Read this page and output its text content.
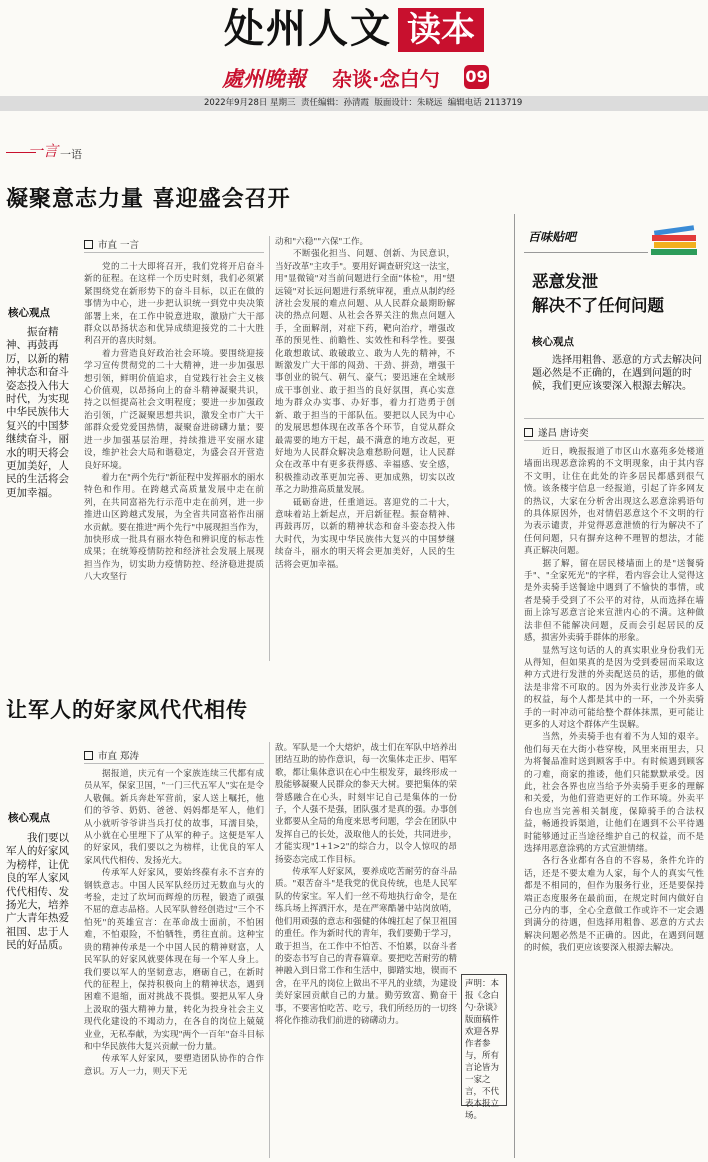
处州人文 读本
處州晚報 杂谈·念白勺 09
2022年9月28日 星期三  责任编辑：孙清霞  版面设计：朱晓远  编辑电话 2113719
一言 一语
凝聚意志力量 喜迎盛会召开
市直 一言
核心观点
振奋精神、再鼓再厉，以新的精神状态和奋斗姿态投入伟大时代，为实现中华民族伟大复兴的中国梦继续奋斗，丽水的明天将会更加美好，人民的生活将会更加幸福。
　　党的二十大即将召开，我们党将开启奋斗新的征程。在这样一个历史时刻，我们必须紧紧围绕党在新形势下的奋斗目标，以正在做的事情为中心，进一步把认识统一到党中央决策部署上来，在工作中锐意进取，激励广大干部群众以昂扬状态和优异成绩迎接党的二十大胜利召开的喜庆时刻。
　　着力营造良好政治社会环境。要围绕迎接学习宣传贯彻党的二十大精神，进一步加强思想引领，鲜明价值追求，自觉践行社会主义核心价值观，以昂扬向上的奋斗精神凝聚共识，持之以恒提高社会文明程度；要进一步加强政治引领，广泛凝聚思想共识，激发全市广大干部群众爱党爱国热情，凝聚奋进磅礴力量；要进一步加强基层治理，持续推进平安丽水建设，维护社会大局和谐稳定，为盛会召开营造良好环境。
　　着力在"两个先行"新征程中发挥丽水的丽水特色和作用。在跨越式高质量发展中走在前列，在共同富裕先行示范中走在前列，进一步推进山区跨越式发展，为全省共同富裕作出丽水贡献。要在推进"两个先行"中展现担当作为，加快形成一批具有丽水特色和辨识度的标志性成果；在统筹疫情防控和经济社会发展上展现担当作为，切实助力疫情防控、经济稳进提质八大攻坚行
动和"六稳""六保"工作。
　　不断强化担当、问题、创新、为民意识，当好改革"主攻手"。要用好调查研究这一法宝，用"显微镜"对当前问题进行全面"体检"，用"望远镜"对长远问题进行系统审视，重点从制约经济社会发展的难点问题、从人民群众最期盼解决的热点问题、从社会各界关注的焦点问题入手，全面解剖，对症下药，靶向治疗，增强改革的预见性、前瞻性、实效性和科学性。要强化敢想敢试、敢破敢立、敢为人先的精神，不断激发广大干部的闯劲、干劲、拼劲，增强干事创业的锐气、朝气、豪气；要迅速在全域形成干事创业、敢于担当的良好氛围，真心实意地为群众办实事、办好事，着力打造勇于创新、敢于担当的干部队伍。要把以人民为中心的发展思想体现在改革各个环节，自觉从群众最需要的地方干起，最不满意的地方改起，更好地为人民群众解决急难愁盼问题，让人民群众在改革中有更多获得感、幸福感、安全感，积极推动改革更加完善、更加成熟，切实以改革之力助推高质量发展。
　　砥砺奋进，任重道远。喜迎党的二十大，意味着站上新起点，开启新征程。振奋精神、再鼓再厉，以新的精神状态和奋斗姿态投入伟大时代，为实现中华民族伟大复兴的中国梦继续奋斗，丽水的明天将会更加美好，人民的生活将会更加幸福。
让军人的好家风代代相传
市直 郑涛
核心观点
我们要以军人的好家风为榜样，让优良的军人家风代代相传、发扬光大，培养广大青年热爱祖国、忠于人民的好品质。
　　据报道，庆元有一个家族连续三代都有成员从军，保家卫国，"一门三代五军人"实在是令人敬佩。新兵奔赴军营前，家人送上嘱托，他们的爷爷、奶奶、爸爸、妈妈都是军人，他们从小就听爷爷讲当兵打仗的故事，耳濡目染，从小就在心里埋下了从军的种子。这便是军人的好家风，我们要以之为榜样，让优良的军人家风代代相传、发扬光大。
　　传承军人好家风，要始终葆有永不言弃的钢铁意志。中国人民军队经历过无数血与火的考验，走过了坎坷而辉煌的历程，锻造了顽强不屈的意志品格。人民军队曾经创造过"三个不怕死"的英雄宣言：在革命战士面前，不怕困难，不怕艰险，不怕牺牲，勇往直前。这种宝贵的精神传承是一个中国人民的精神财富，人民军队的好家风就要体现在每一个军人身上。我们要以军人的坚韧意志，磨砺自己，在新时代的征程上，保持积极向上的精神状态，遇到困难不退缩，面对挑战不畏惧。要把从军人身上汲取的强大精神力量，转化为投身社会主义现代化建设的不竭动力，在各自的岗位上兢兢业业，无私奉献，为实现"两个一百年"奋斗目标和中华民族伟大复兴贡献一份力量。
　　传承军人好家风，要塑造团队协作的合作意识。万人一力，则天下无
敌。军队是一个大熔炉，战士们在军队中培养出团结互助的协作意识，每一次集体走正步、唱军歌，都让集体意识在心中生根发芽，最终形成一股能够凝聚人民群众的参天大树。要把集体的荣誉感融合在心头，时刻牢记自己是集体的一份子，个人强不是强，团队强才是真的强。办事创业都要从全局的角度来思考问题，学会在团队中发挥自己的长处，汲取他人的长处，共同进步，才能实现"1+1>2"的综合力，以令人惊叹的昂扬姿态完成工作目标。
　　传承军人好家风，要养成吃苦耐劳的奋斗品质。"艰苦奋斗"是我党的优良传统，也是人民军队的传家宝。军人们一丝不苟地执行命令，是在练兵场上挥洒汗水，是在严寒酷暑中站岗放哨，他们用顽强的意志和强健的体魄扛起了保卫祖国的重任。作为新时代的青年，我们要勤于学习，敢于担当，在工作中不怕苦、不怕累，以奋斗者的姿态书写自己的青春篇章。要把吃苦耐劳的精神融入到日常工作和生活中，脚踏实地，锲而不舍，在平凡的岗位上做出不平凡的业绩，为建设美好家园贡献自己的力量。勤劳致富、勤奋干事，不要害怕吃苦、吃亏，我们所经历的一切终将化作推动我们前进的磅礴动力。
声明：本报《念白勺·杂谈》版面稿件欢迎各界作者参与，所有言论皆为一家之言，不代表本报立场。
百味贴吧
恶意发泄
解决不了任何问题
核心观点
选择用粗鲁、恶意的方式去解决问题必然是不正确的，在遇到问题的时候，我们更应该要深入根源去解决。
遂昌 唐诗奕
　　近日，晚报报道了市区山水嘉苑多处楼道墙面出现恶意涂鸦的不文明现象，由于其内容不文明，让住在此处的许多居民都感到很气愤。该条楼宇信息一经报道，引起了许多网友的热议，大家在分析舍出现这么恶意涂鸦语句的具体原因外，也对情侣恶意这个不文明的行为表示谴责，并觉得恶意泄愤的行为解决不了任何问题，只有摒弃这种不理智的想法，才能真正解决问题。
　　据了解，留在居民楼墙面上的是"送餐骑手"、"全家死光"的字样，看内容会让人觉得这是外卖骑手送餐途中遇到了不愉快的事情，或者是骑手受到了不公平的对待，从而选择在墙面上涂写恶意言论来宣泄内心的不满。这种做法非但不能解决问题，反而会引起居民的反感，损害外卖骑手群体的形象。
　　显然写这句话的人的真实职业身份我们无从得知，但如果真的是因为受到委屈而采取这种方式进行发泄的外卖配送员的话，那他的做法是非常不可取的。因为外卖行业涉及许多人的权益，每个人都是其中的一环，一个外卖骑手的一时冲动可能给整个群体抹黑，更可能让更多的人对这个群体产生误解。
　　当然，外卖骑手也有着不为人知的艰辛。他们每天在大街小巷穿梭，风里来雨里去，只为将餐品准时送到顾客手中。有时候遇到顾客的刁难，商家的推诿，他们只能默默承受。因此，社会各界也应当给予外卖骑手更多的理解和关爱，为他们营造更好的工作环境。外卖平台也应当完善相关制度，保障骑手的合法权益，畅通投诉渠道，让他们在遇到不公平待遇时能够通过正当途径维护自己的权益，而不是选择用恶意涂鸦的方式宣泄情绪。
　　各行各业都有各自的不容易，条件允许的话，还是不要太难为人家，每个人的真实气性都是不相同的，但作为服务行业，还是要保持端正态度服务在最前面，在规定时间内做好自己分内的事，全心全意做工作或许不一定会遇到满分的待遇，但选择用粗鲁、恶意的方式去解决问题必然是不正确的。因此，在遇到问题的时候，我们更应该要深入根源去解决。
